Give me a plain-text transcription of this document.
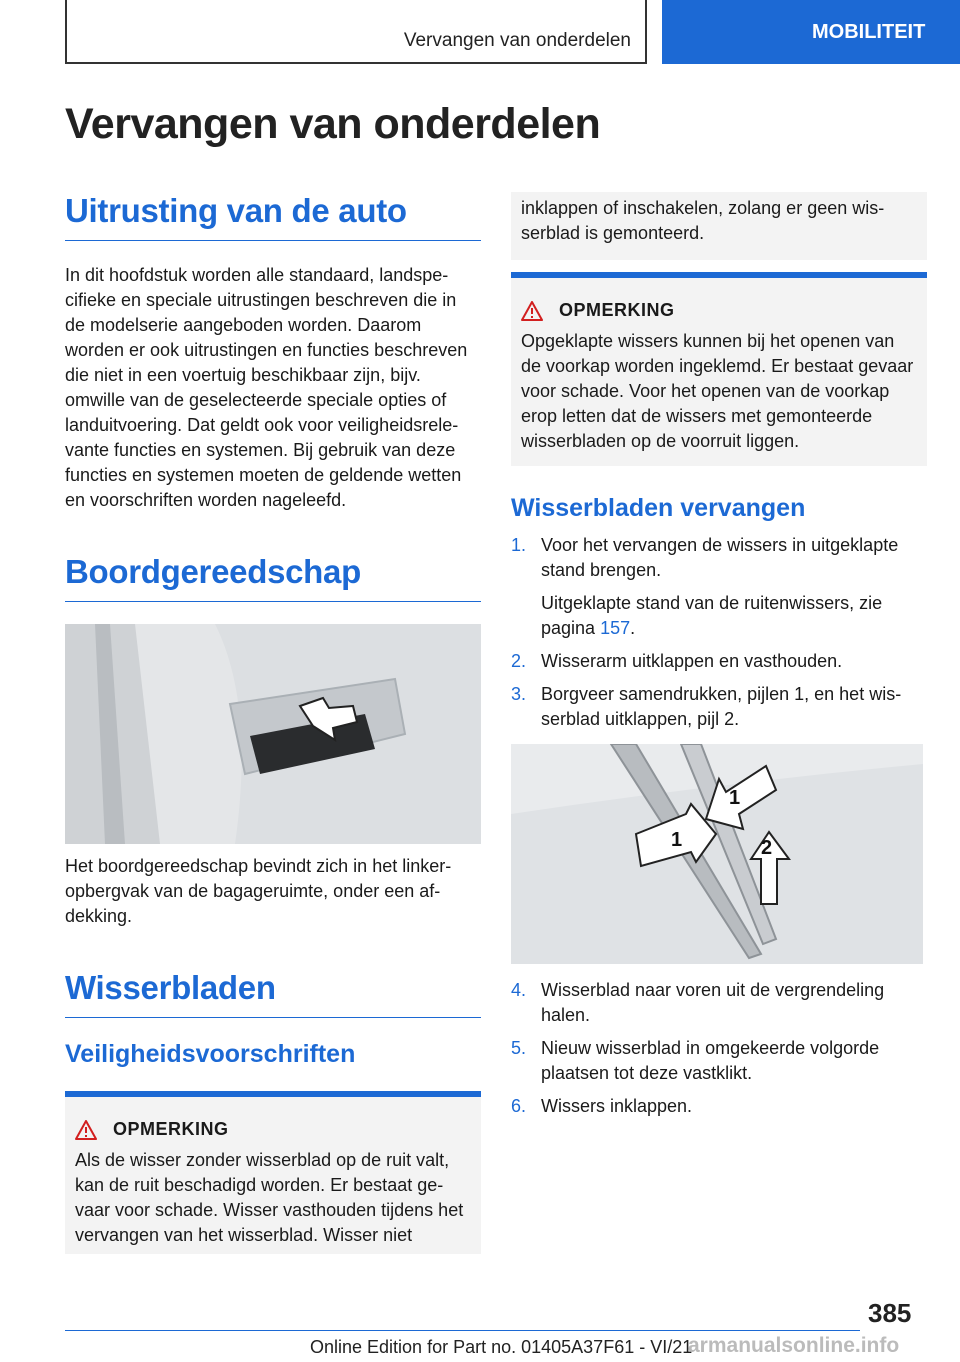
Vervangen van onderdelen	MOBILITEIT
Vervangen van onderdelen
Uitrusting van de auto

In dit hoofdstuk worden alle standaard, landspecifieke en speciale uitrustingen beschreven die in de modelserie aangeboden worden. Daarom worden er ook uitrustingen en functies beschreven die niet in een voertuig beschikbaar zijn, bijv. omwille van de geselecteerde speciale opties of landuitvoering. Dat geldt ook voor veiligheidsrelevante functies en systemen. Bij gebruik van deze functies en systemen moeten de geldende wetten en voorschriften worden nageleefd.

Boordgereedschap

Het boordgereedschap bevindt zich in het linkeropbergvak van de bagageruimte, onder een afdekking.

Wisserbladen
Veiligheidsvoorschriften
OPMERKING

Als de wisser zonder wisserblad op de ruit valt, kan de ruit beschadigd worden. Er bestaat gevaar voor schade. Wisser vasthouden tijdens het vervangen van het wisserblad. Wisser niet

inklappen of inschakelen, zolang er geen wisserblad is gemonteerd.

OPMERKING

Opgeklapte wissers kunnen bij het openen van de voorkap worden ingeklemd. Er bestaat gevaar voor schade. Voor het openen van de voorkap erop letten dat de wissers met gemonteerde wisserbladen op de voorruit liggen.

Wisserbladen vervangen
1. Voor het vervangen de wissers in uitgeklapte stand brengen.
Uitgeklapte stand van de ruitenwissers, zie pagina 157.
2. Wisserarm uitklappen en vasthouden.
3. Borgveer samendrukken, pijlen 1, en het wisserblad uitklappen, pijl 2.
1
1
2
4. Wisserblad naar voren uit de vergrendeling halen.
5. Nieuw wisserblad in omgekeerde volgorde plaatsen tot deze vastklikt.
6. Wissers inklappen.
385
Online Edition for Part no. 01405A37F61 - VI/21
armanualsonline.info
